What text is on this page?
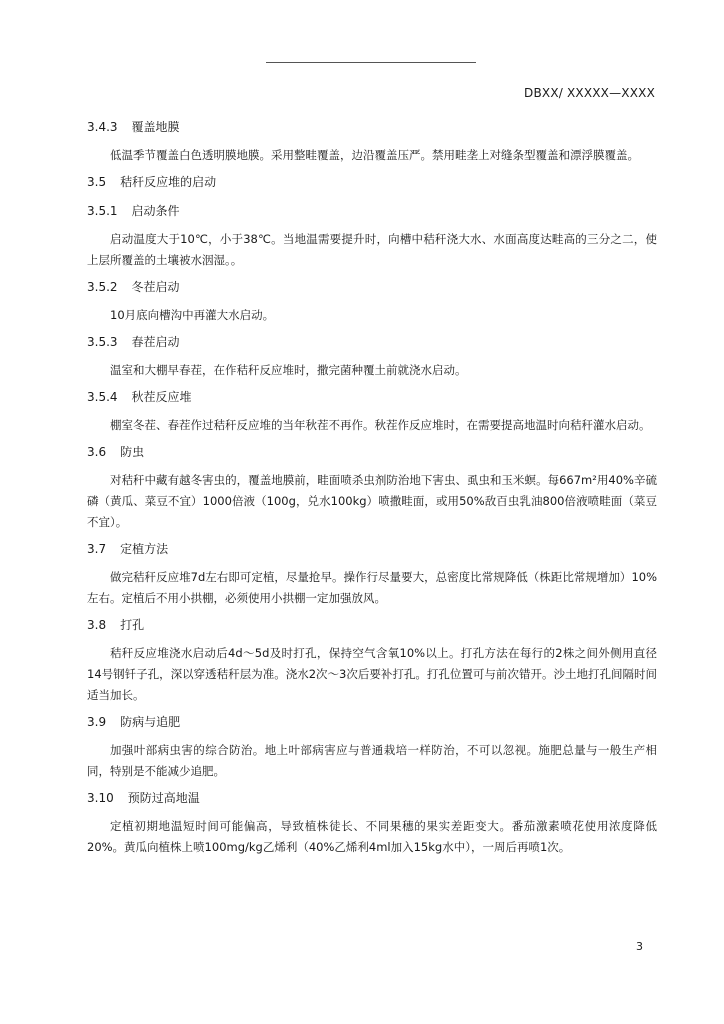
DBXX/ XXXXX—XXXX

3.4.3 覆盖地膜

低温季节覆盖白色透明膜地膜。采用整畦覆盖，边沿覆盖压严。禁用畦垄上对缝条型覆盖和漂浮膜覆盖。

3.5 秸秆反应堆的启动

3.5.1 启动条件

启动温度大于10℃，小于38℃。当地温需要提升时，向槽中秸秆浇大水、水面高度达畦高的三分之二，使上层所覆盖的土壤被水洇湿。。

3.5.2 冬茬启动

10月底向槽沟中再灌大水启动。

3.5.3 春茬启动

温室和大棚早春茬，在作秸秆反应堆时，撒完菌种覆土前就浇水启动。

3.5.4 秋茬反应堆

棚室冬茬、春茬作过秸秆反应堆的当年秋茬不再作。秋茬作反应堆时，在需要提高地温时向秸秆灌水启动。

3.6 防虫

对秸秆中藏有越冬害虫的，覆盖地膜前，畦面喷杀虫剂防治地下害虫、虱虫和玉米螟。每667m²用40%辛硫磷（黄瓜、菜豆不宜）1000倍液（100g，兑水100kg）喷撒畦面，或用50%敌百虫乳油800倍液喷畦面（菜豆不宜）。

3.7 定植方法

做完秸秆反应堆7d左右即可定植，尽量抢早。操作行尽量要大，总密度比常规降低（株距比常规增加）10%左右。定植后不用小拱棚，必须使用小拱棚一定加强放风。

3.8 打孔

秸秆反应堆浇水启动后4d～5d及时打孔，保持空气含氧10%以上。打孔方法在每行的2株之间外侧用直径14号钢钎子孔，深以穿透秸秆层为准。浇水2次～3次后要补打孔。打孔位置可与前次错开。沙土地打孔间隔时间适当加长。

3.9 防病与追肥

加强叶部病虫害的综合防治。地上叶部病害应与普通栽培一样防治，不可以忽视。施肥总量与一般生产相同，特别是不能减少追肥。

3.10 预防过高地温

定植初期地温短时间可能偏高，导致植株徒长、不同果穗的果实差距变大。番茄激素喷花使用浓度降低20%。黄瓜向植株上喷100mg/kg乙烯利（40%乙烯利4ml加入15kg水中），一周后再喷1次。

3
